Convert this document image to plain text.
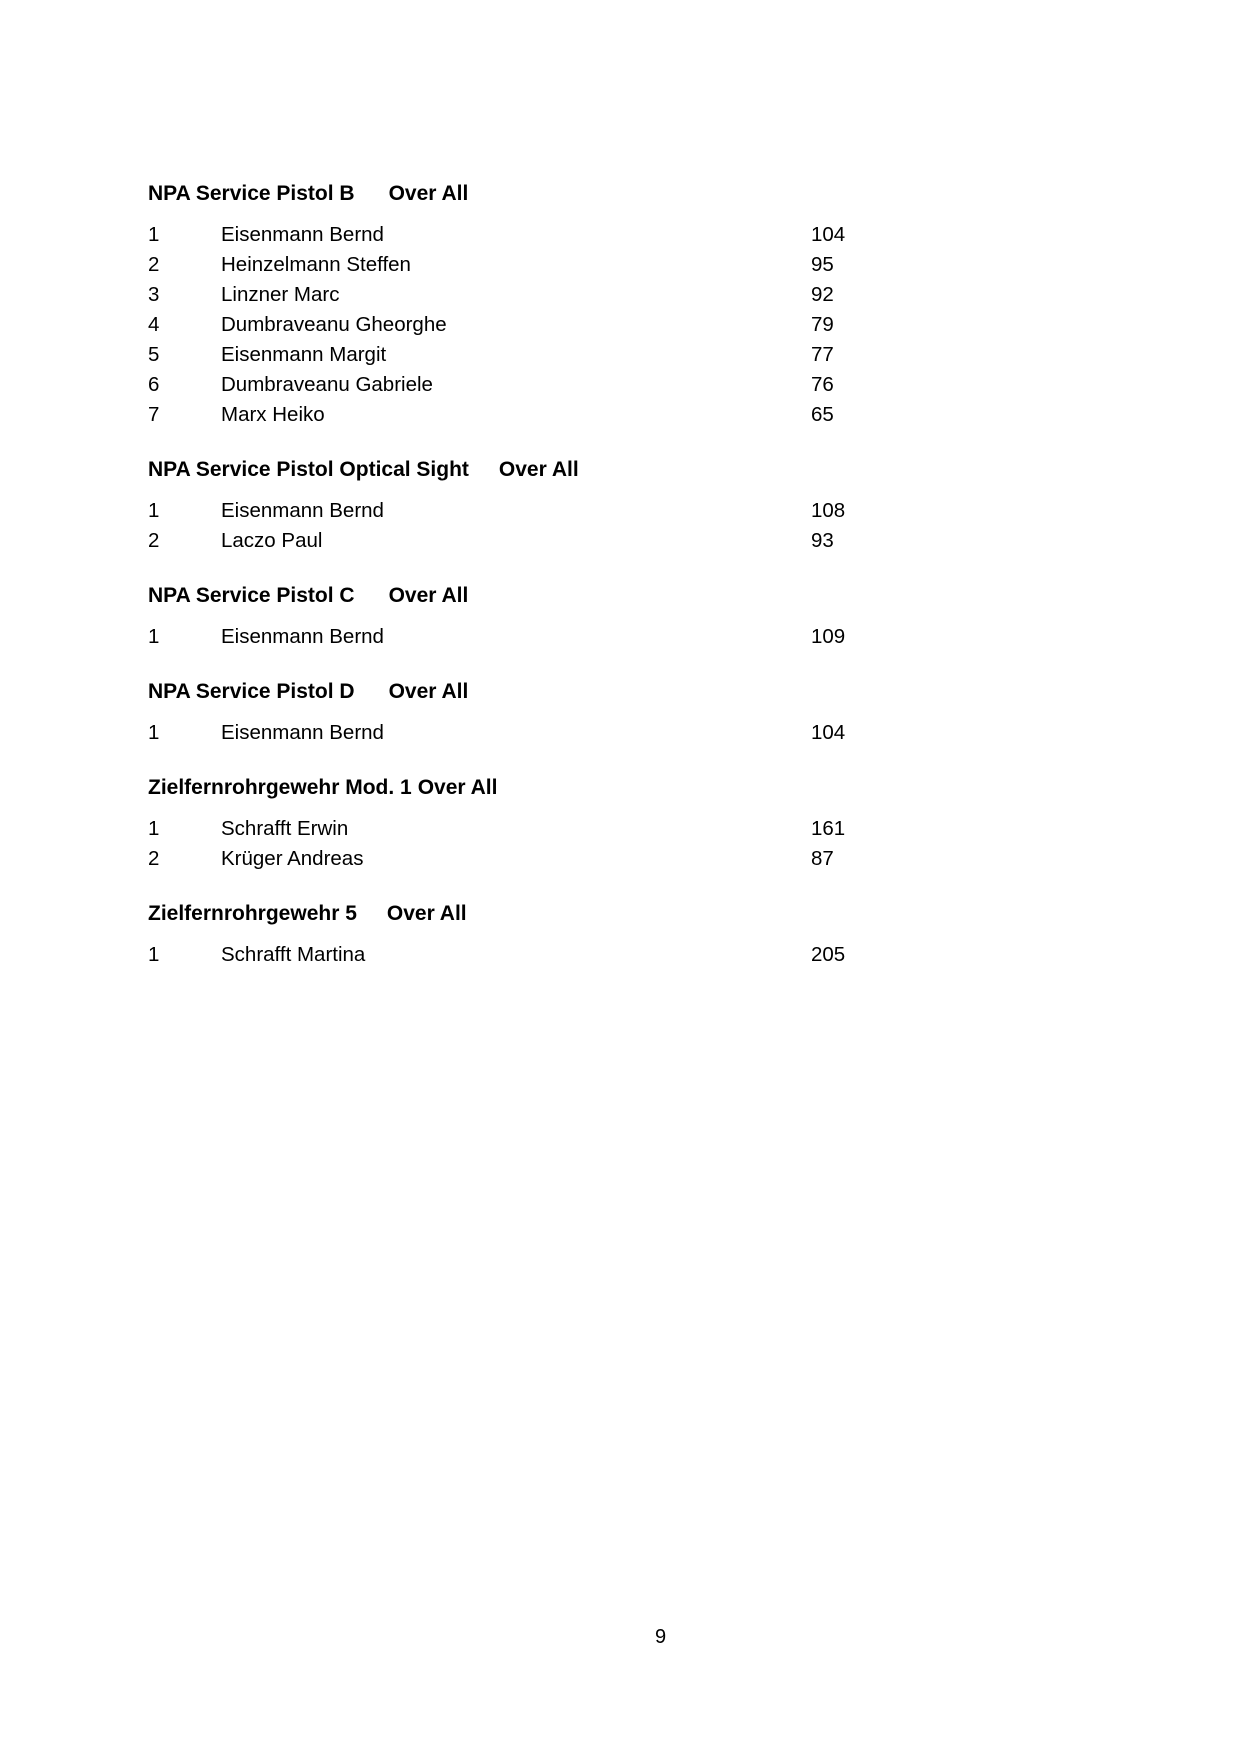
NPA Service Pistol B Over All
1	Eisenmann Bernd	104
2	Heinzelmann Steffen	95
3	Linzner Marc	92
4	Dumbraveanu Gheorghe	79
5	Eisenmann Margit	77
6	Dumbraveanu Gabriele	76
7	Marx Heiko	65
NPA Service Pistol Optical Sight Over All
1	Eisenmann Bernd	108
2	Laczo Paul	93
NPA Service Pistol C Over All
1	Eisenmann Bernd	109
NPA Service Pistol D Over All
1	Eisenmann Bernd	104
Zielfernrohrgewehr Mod. 1 Over All
1	Schrafft Erwin	161
2	Krüger Andreas	87
Zielfernrohrgewehr 5 Over All
1	Schrafft Martina	205
9
